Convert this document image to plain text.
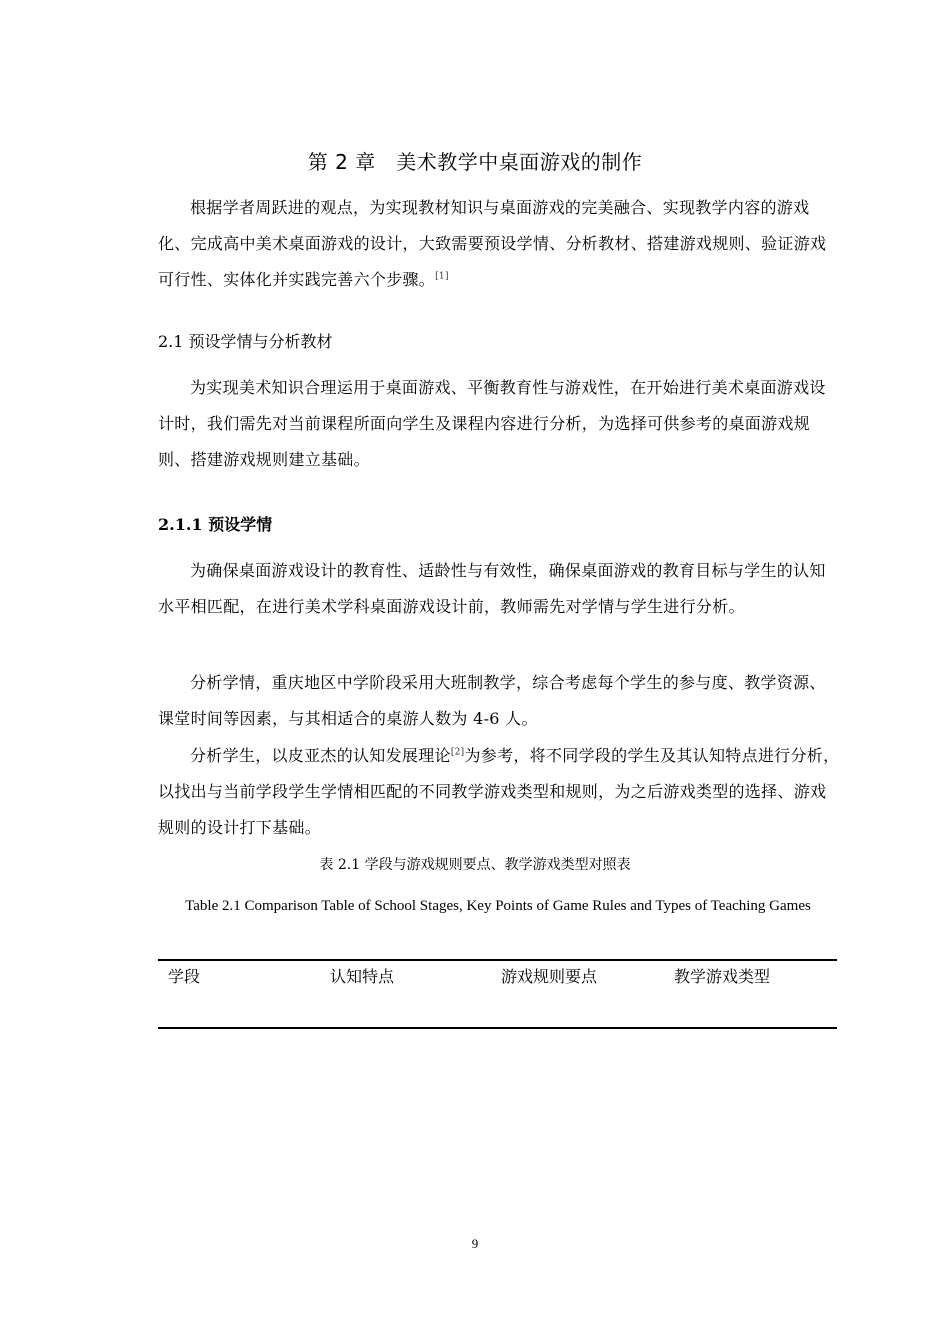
第 2 章　美术教学中桌面游戏的制作

根据学者周跃进的观点，为实现教材知识与桌面游戏的完美融合、实现教学内容的游戏化、完成高中美术桌面游戏的设计，大致需要预设学情、分析教材、搭建游戏规则、验证游戏可行性、实体化并实践完善六个步骤。[1]

2.1 预设学情与分析教材

为实现美术知识合理运用于桌面游戏、平衡教育性与游戏性，在开始进行美术桌面游戏设计时，我们需先对当前课程所面向学生及课程内容进行分析，为选择可供参考的桌面游戏规则、搭建游戏规则建立基础。

2.1.1 预设学情

为确保桌面游戏设计的教育性、适龄性与有效性，确保桌面游戏的教育目标与学生的认知水平相匹配，在进行美术学科桌面游戏设计前，教师需先对学情与学生进行分析。

分析学情，重庆地区中学阶段采用大班制教学，综合考虑每个学生的参与度、教学资源、课堂时间等因素，与其相适合的桌游人数为 4-6 人。

分析学生，以皮亚杰的认知发展理论[2]为参考，将不同学段的学生及其认知特点进行分析，以找出与当前学段学生学情相匹配的不同教学游戏类型和规则，为之后游戏类型的选择、游戏规则的设计打下基础。

表 2.1 学段与游戏规则要点、教学游戏类型对照表
Table 2.1 Comparison Table of School Stages, Key Points of Game Rules and Types of Teaching Games
学段	认知特点	游戏规则要点	教学游戏类型
9
